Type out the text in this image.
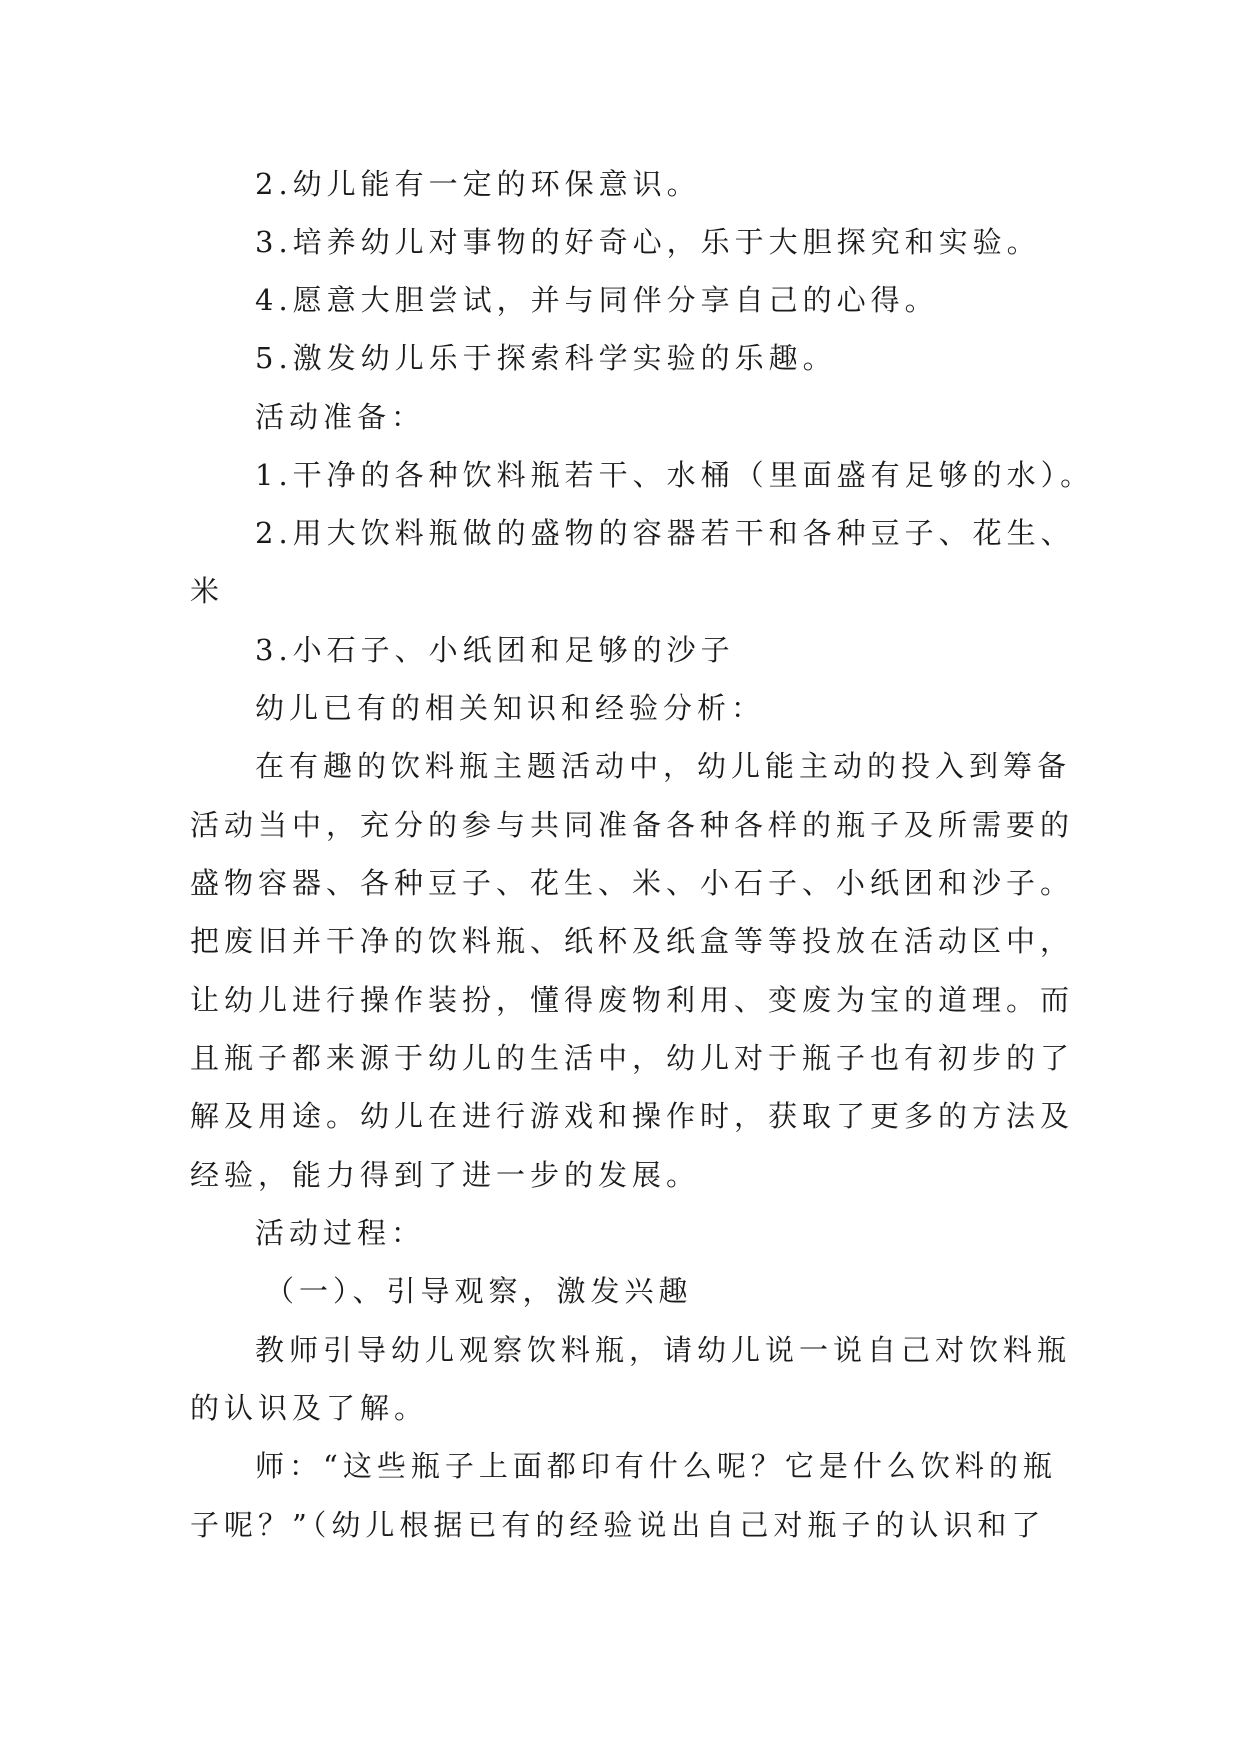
2.幼儿能有一定的环保意识。
3.培养幼儿对事物的好奇心，乐于大胆探究和实验。
4.愿意大胆尝试，并与同伴分享自己的心得。
5.激发幼儿乐于探索科学实验的乐趣。
活动准备：
1.干净的各种饮料瓶若干、水桶（里面盛有足够的水）。
2.用大饮料瓶做的盛物的容器若干和各种豆子、花生、
米
3.小石子、小纸团和足够的沙子
幼儿已有的相关知识和经验分析：
在有趣的饮料瓶主题活动中，幼儿能主动的投入到筹备
活动当中，充分的参与共同准备各种各样的瓶子及所需要的
盛物容器、各种豆子、花生、米、小石子、小纸团和沙子。
把废旧并干净的饮料瓶、纸杯及纸盒等等投放在活动区中，
让幼儿进行操作装扮，懂得废物利用、变废为宝的道理。而
且瓶子都来源于幼儿的生活中，幼儿对于瓶子也有初步的了
解及用途。幼儿在进行游戏和操作时，获取了更多的方法及
经验，能力得到了进一步的发展。
活动过程：
（一）、引导观察，激发兴趣
教师引导幼儿观察饮料瓶，请幼儿说一说自己对饮料瓶
的认识及了解。
师：“这些瓶子上面都印有什么呢？它是什么饮料的瓶
子呢？”（幼儿根据已有的经验说出自己对瓶子的认识和了
